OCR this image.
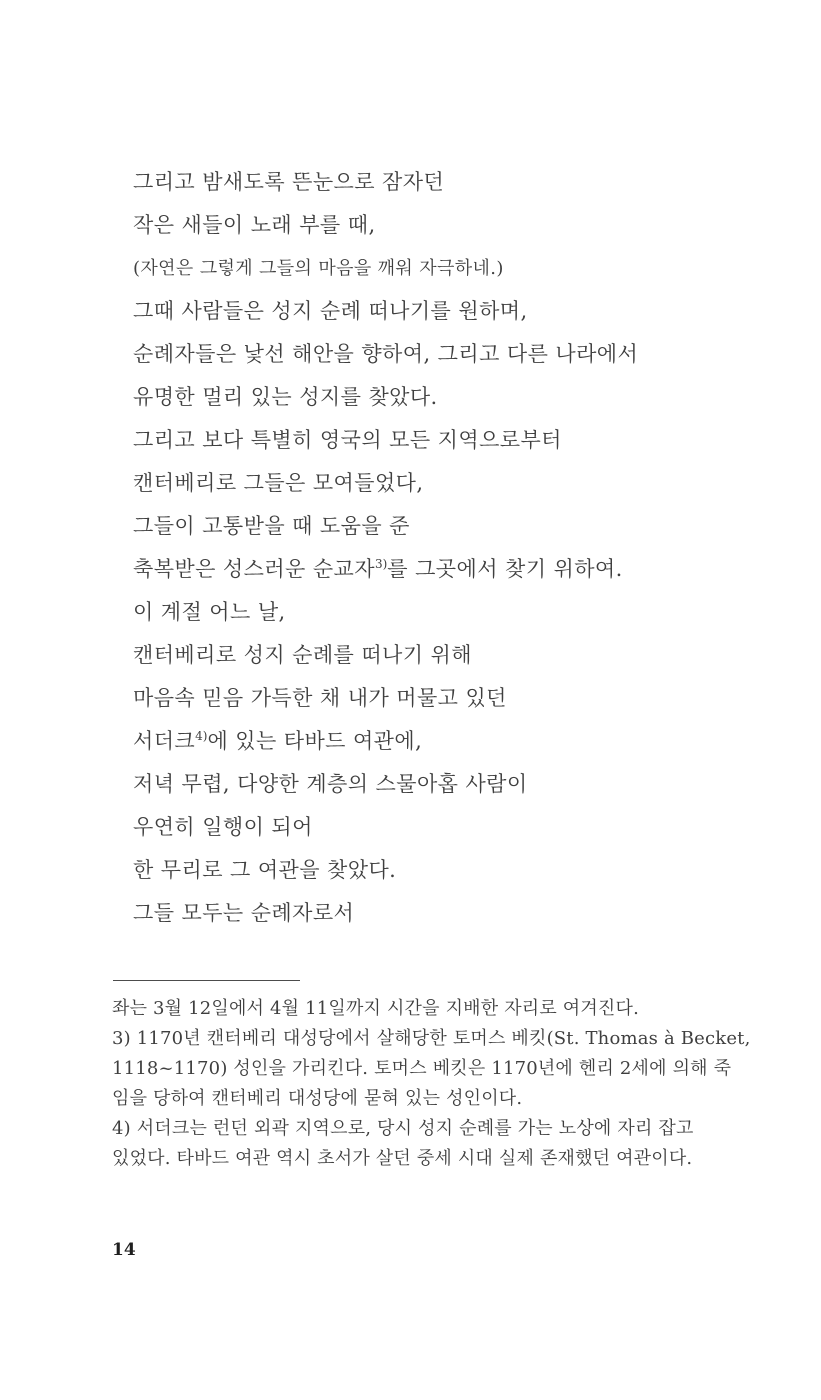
그리고 밤새도록 뜬눈으로 잠자던
작은 새들이 노래 부를 때,
(자연은 그렇게 그들의 마음을 깨워 자극하네.)
그때 사람들은 성지 순례 떠나기를 원하며,
순례자들은 낯선 해안을 향하여, 그리고 다른 나라에서
유명한 멀리 있는 성지를 찾았다.
그리고 보다 특별히 영국의 모든 지역으로부터
캔터베리로 그들은 모여들었다,
그들이 고통받을 때 도움을 준
축복받은 성스러운 순교자$^{3)}$를 그곳에서 찾기 위하여.
이 계절 어느 날,
캔터베리로 성지 순례를 떠나기 위해
마음속 믿음 가득한 채 내가 머물고 있던
서더크$^{4)}$에 있는 타바드 여관에,
저녁 무렵, 다양한 계층의 스물아홉 사람이
우연히 일행이 되어
한 무리로 그 여관을 찾았다.
그들 모두는 순례자로서
좌는 3월 12일에서 4월 11일까지 시간을 지배한 자리로 여겨진다.
3) 1170년 캔터베리 대성당에서 살해당한 토머스 베킷(St. Thomas à Becket,
1118~1170) 성인을 가리킨다. 토머스 베킷은 1170년에 헨리 2세에 의해 죽
임을 당하여 캔터베리 대성당에 묻혀 있는 성인이다.
4) 서더크는 런던 외곽 지역으로, 당시 성지 순례를 가는 노상에 자리 잡고
있었다. 타바드 여관 역시 초서가 살던 중세 시대 실제 존재했던 여관이다.
14
